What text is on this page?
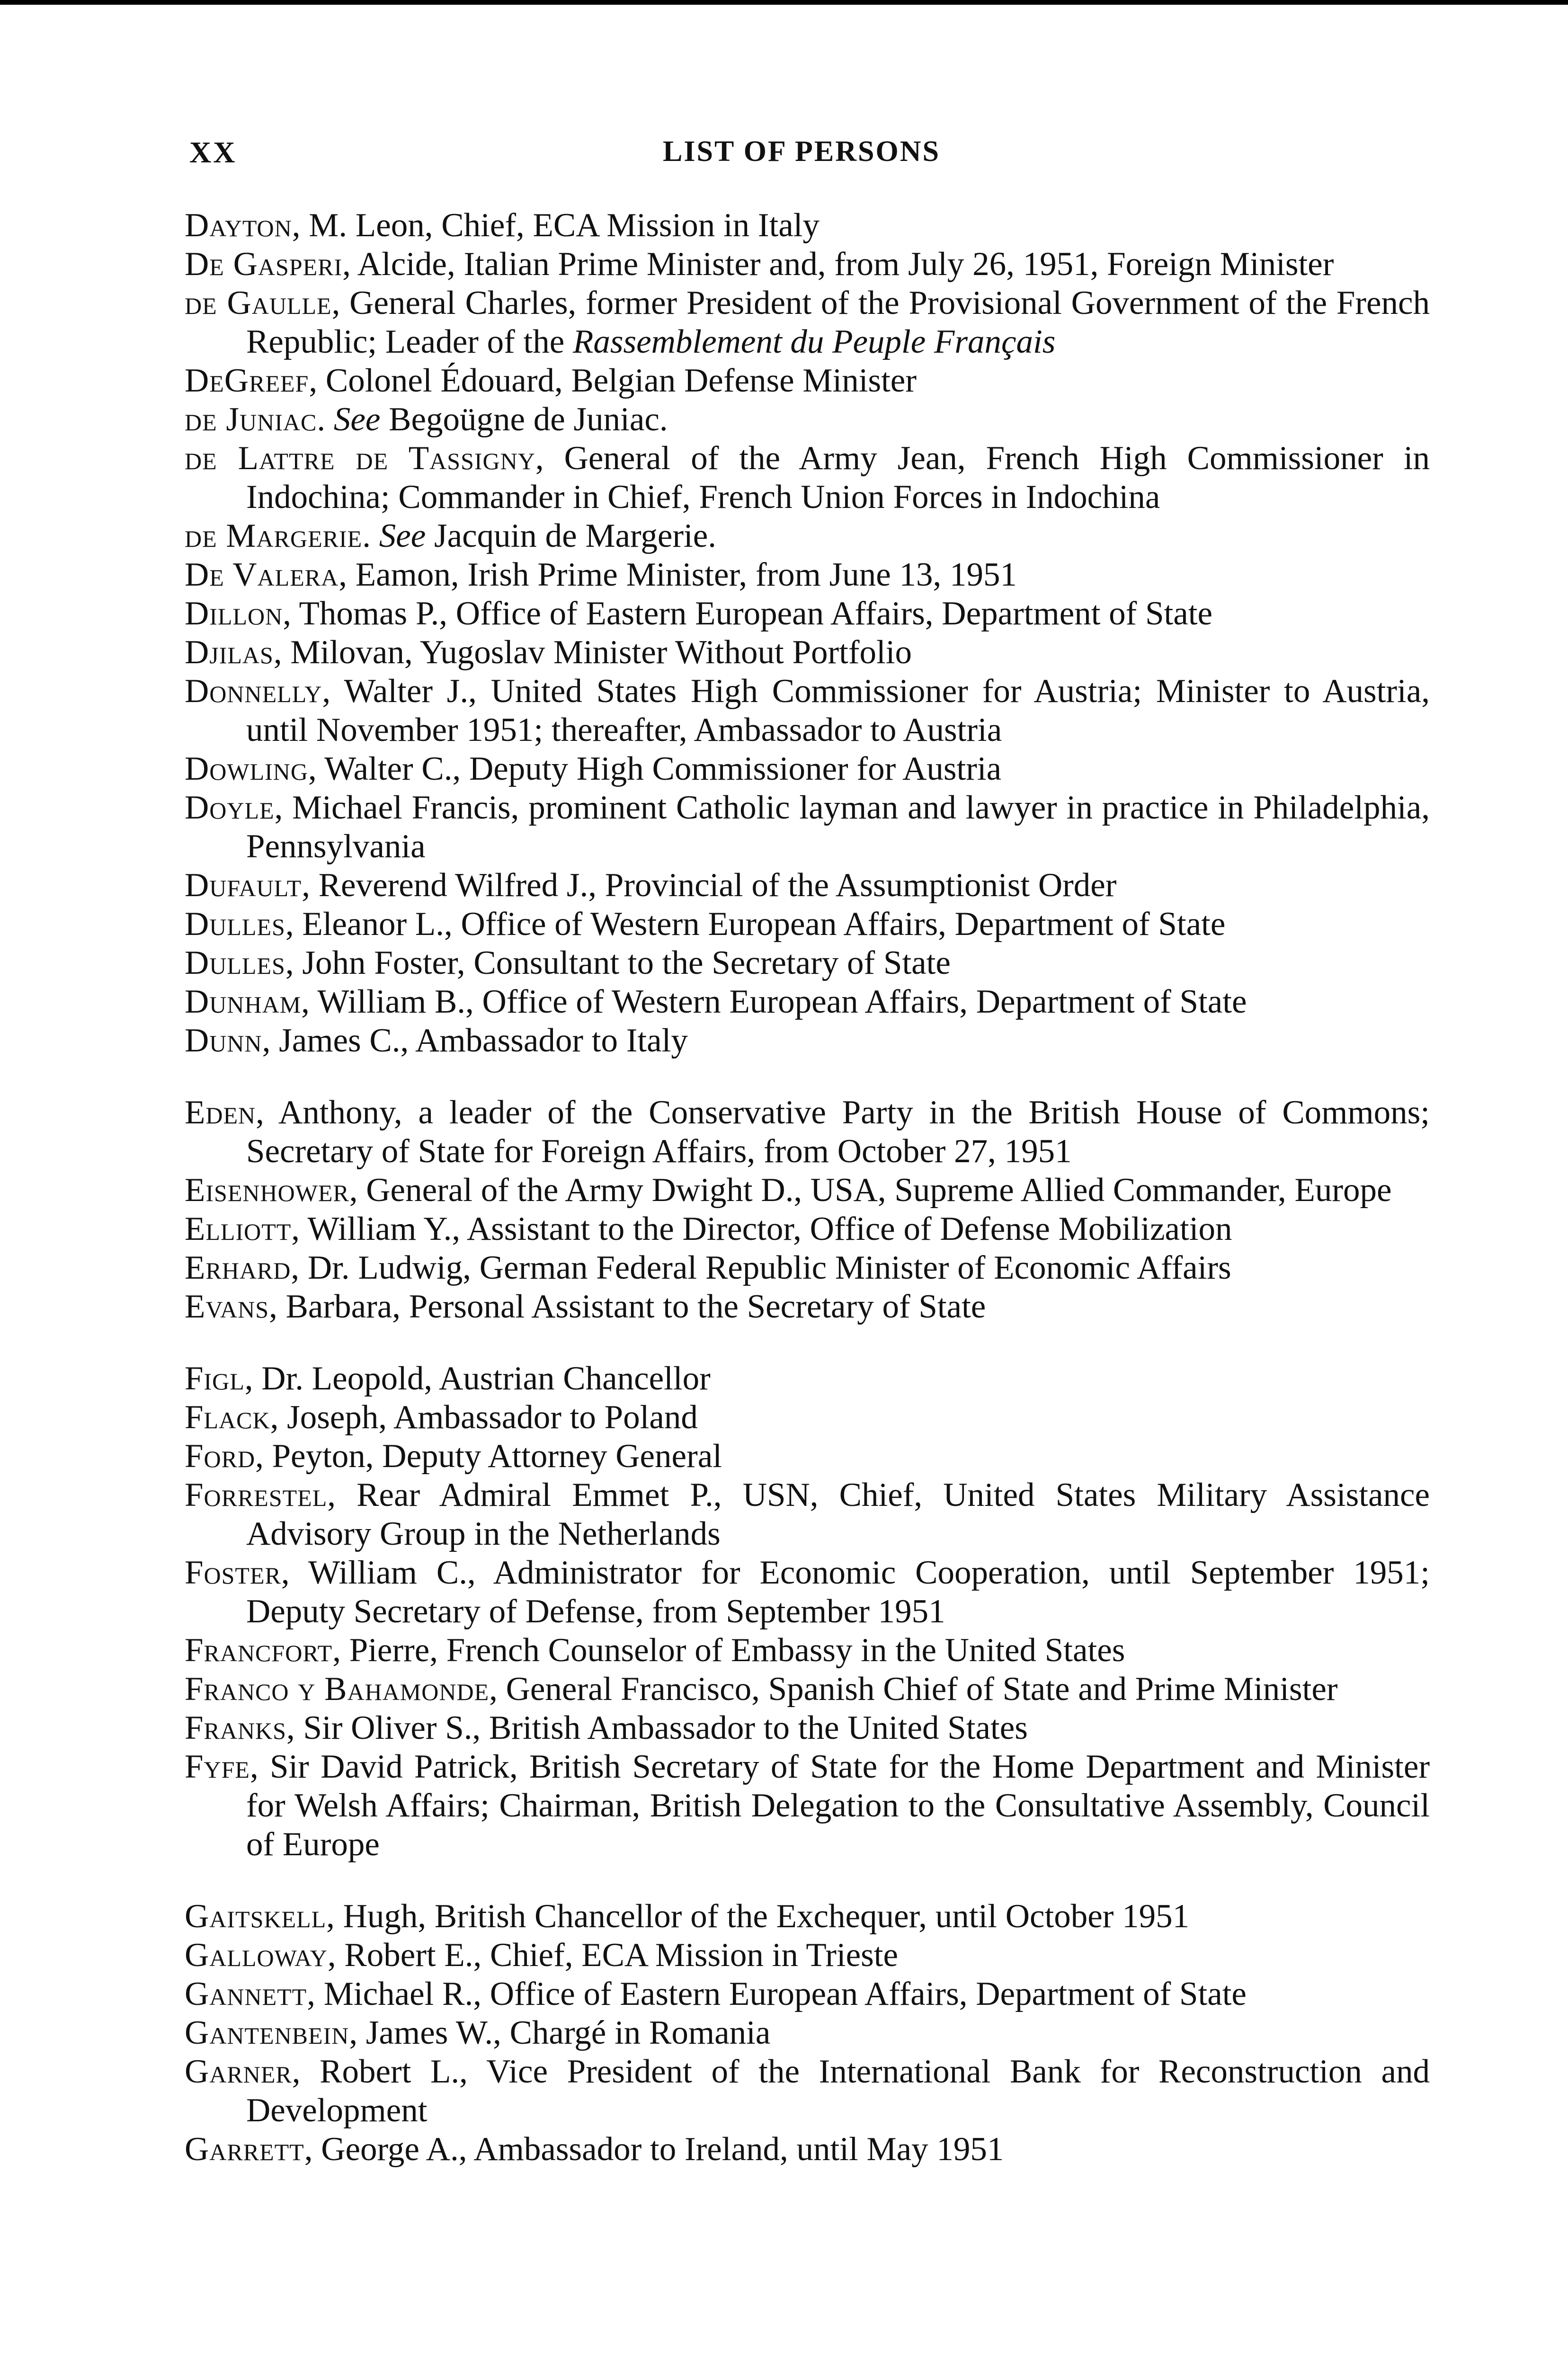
XX	LIST OF PERSONS

Dayton, M. Leon, Chief, ECA Mission in Italy

De Gasperi, Alcide, Italian Prime Minister and, from July 26, 1951, Foreign Minister

de Gaulle, General Charles, former President of the Provisional Government of the French Republic; Leader of the Rassemblement du Peuple Français

DeGreef, Colonel Édouard, Belgian Defense Minister

de Juniac. See Begoügne de Juniac.

de Lattre de Tassigny, General of the Army Jean, French High Commissioner in Indochina; Commander in Chief, French Union Forces in Indochina

de Margerie. See Jacquin de Margerie.

De Valera, Eamon, Irish Prime Minister, from June 13, 1951

Dillon, Thomas P., Office of Eastern European Affairs, Department of State

Djilas, Milovan, Yugoslav Minister Without Portfolio

Donnelly, Walter J., United States High Commissioner for Austria; Minister to Austria, until November 1951; thereafter, Ambassador to Austria

Dowling, Walter C., Deputy High Commissioner for Austria

Doyle, Michael Francis, prominent Catholic layman and lawyer in practice in Philadelphia, Pennsylvania

Dufault, Reverend Wilfred J., Provincial of the Assumptionist Order

Dulles, Eleanor L., Office of Western European Affairs, Department of State

Dulles, John Foster, Consultant to the Secretary of State

Dunham, William B., Office of Western European Affairs, Department of State

Dunn, James C., Ambassador to Italy

Eden, Anthony, a leader of the Conservative Party in the British House of Commons; Secretary of State for Foreign Affairs, from October 27, 1951

Eisenhower, General of the Army Dwight D., USA, Supreme Allied Commander, Europe

Elliott, William Y., Assistant to the Director, Office of Defense Mobilization

Erhard, Dr. Ludwig, German Federal Republic Minister of Economic Affairs

Evans, Barbara, Personal Assistant to the Secretary of State

Figl, Dr. Leopold, Austrian Chancellor

Flack, Joseph, Ambassador to Poland

Ford, Peyton, Deputy Attorney General

Forrestel, Rear Admiral Emmet P., USN, Chief, United States Military Assistance Advisory Group in the Netherlands

Foster, William C., Administrator for Economic Cooperation, until September 1951; Deputy Secretary of Defense, from September 1951

Francfort, Pierre, French Counselor of Embassy in the United States

Franco y Bahamonde, General Francisco, Spanish Chief of State and Prime Minister

Franks, Sir Oliver S., British Ambassador to the United States

Fyfe, Sir David Patrick, British Secretary of State for the Home Department and Minister for Welsh Affairs; Chairman, British Delegation to the Consultative Assembly, Council of Europe

Gaitskell, Hugh, British Chancellor of the Exchequer, until October 1951

Galloway, Robert E., Chief, ECA Mission in Trieste

Gannett, Michael R., Office of Eastern European Affairs, Department of State

Gantenbein, James W., Chargé in Romania

Garner, Robert L., Vice President of the International Bank for Reconstruction and Development

Garrett, George A., Ambassador to Ireland, until May 1951
